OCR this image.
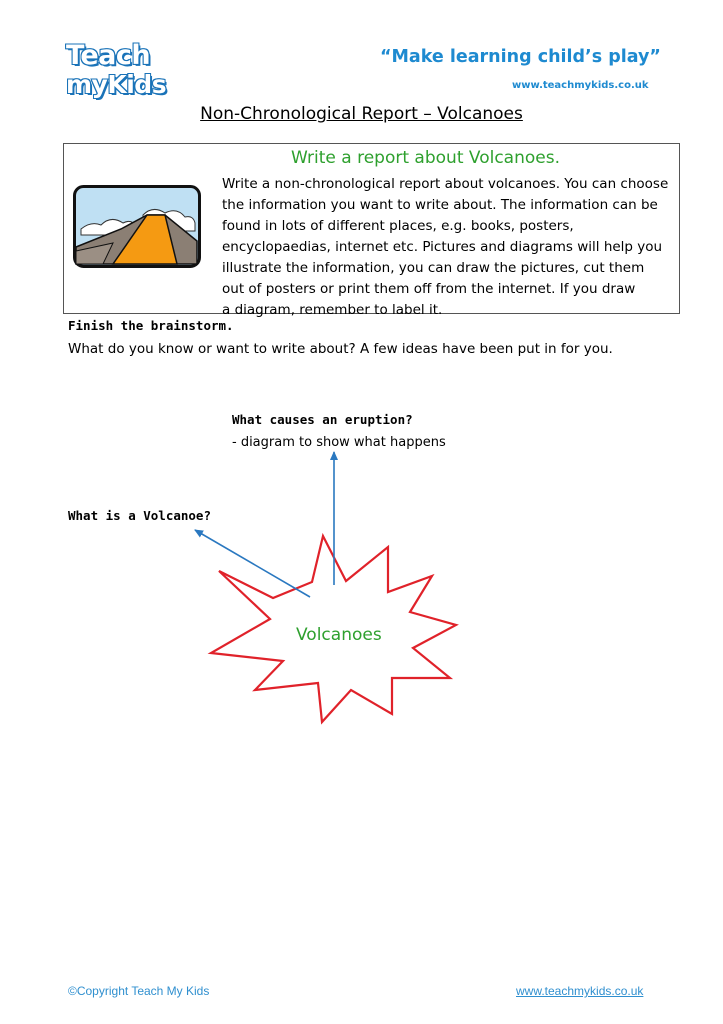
Teach
myKids
“Make learning child’s play”
www.teachmykids.co.uk
Non-Chronological Report – Volcanoes
Write a report about Volcanoes.
Write a non-chronological report about volcanoes. You can choose
the information you want to write about. The information can be
found in lots of different places, e.g. books, posters,
encyclopaedias, internet etc. Pictures and diagrams will help you
illustrate the information, you can draw the pictures, cut them
out of posters or print them off from the internet. If you draw
a diagram, remember to label it.
Finish the brainstorm.
What do you know or want to write about? A few ideas have been put in for you.
What causes an eruption?
- diagram to show what happens
What is a Volcanoe?
Volcanoes
©Copyright Teach My Kids	www.teachmykids.co.uk
